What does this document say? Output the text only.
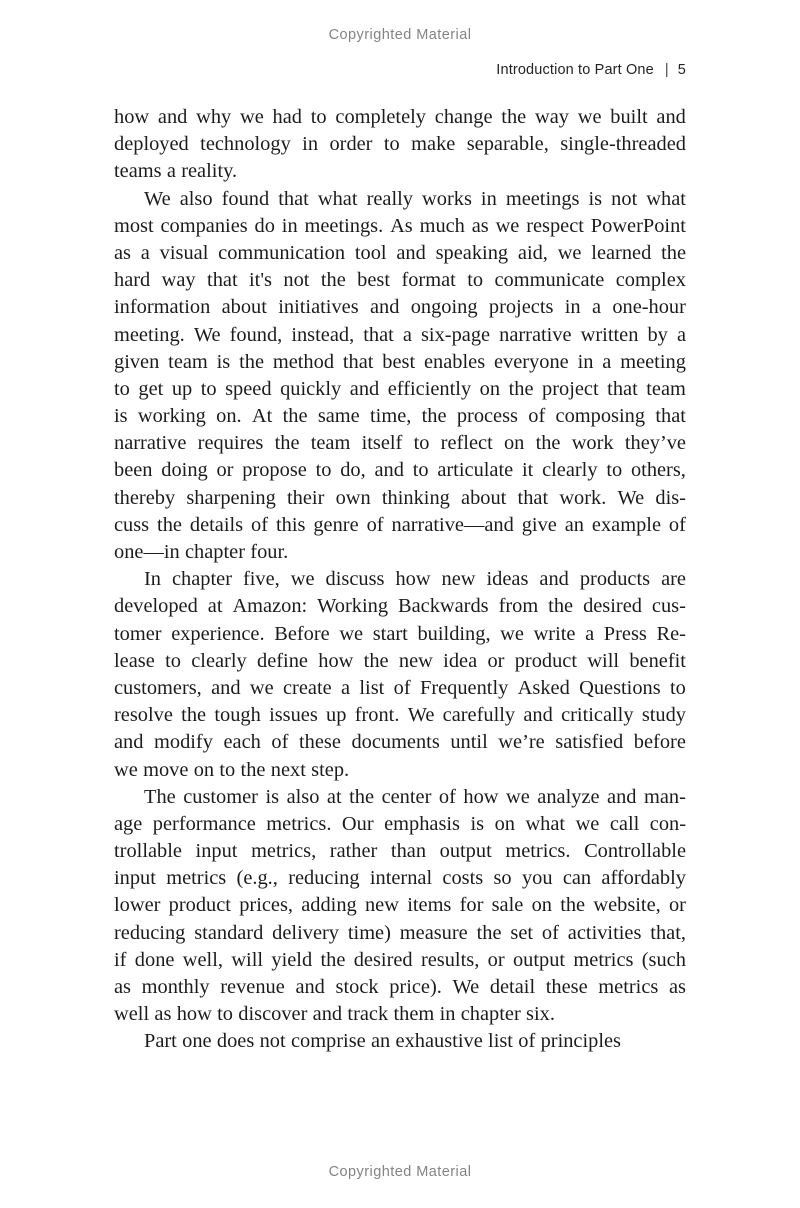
Copyrighted Material
Introduction to Part One | 5

how and why we had to completely change the way we built and
deployed technology in order to make separable, single-threaded
teams a reality.

We also found that what really works in meetings is not what
most companies do in meetings. As much as we respect PowerPoint
as a visual communication tool and speaking aid, we learned the
hard way that it's not the best format to communicate complex
information about initiatives and ongoing projects in a one-hour
meeting. We found, instead, that a six-page narrative written by a
given team is the method that best enables everyone in a meeting
to get up to speed quickly and efficiently on the project that team
is working on. At the same time, the process of composing that
narrative requires the team itself to reflect on the work they’ve
been doing or propose to do, and to articulate it clearly to others,
thereby sharpening their own thinking about that work. We dis-
cuss the details of this genre of narrative—and give an example of
one—in chapter four.

In chapter five, we discuss how new ideas and products are
developed at Amazon: Working Backwards from the desired cus-
tomer experience. Before we start building, we write a Press Re-
lease to clearly define how the new idea or product will benefit
customers, and we create a list of Frequently Asked Questions to
resolve the tough issues up front. We carefully and critically study
and modify each of these documents until we’re satisfied before
we move on to the next step.

The customer is also at the center of how we analyze and man-
age performance metrics. Our emphasis is on what we call con-
trollable input metrics, rather than output metrics. Controllable
input metrics (e.g., reducing internal costs so you can affordably
lower product prices, adding new items for sale on the website, or
reducing standard delivery time) measure the set of activities that,
if done well, will yield the desired results, or output metrics (such
as monthly revenue and stock price). We detail these metrics as
well as how to discover and track them in chapter six.

Part one does not comprise an exhaustive list of principles

Copyrighted Material
